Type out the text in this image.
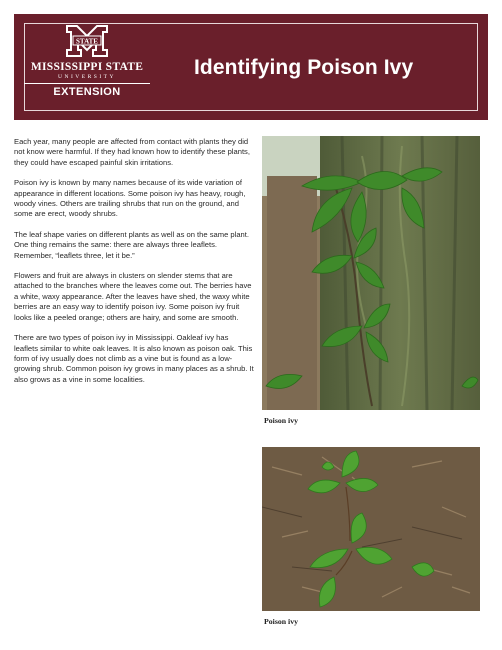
STATE
MISSISSIPPI STATE
UNIVERSITY
EXTENSION
Identifying Poison Ivy

Each year, many people are affected from contact with plants they did not know were harmful. If they had known how to identify these plants, they could have escaped painful skin irritations.

Poison ivy is known by many names because of its wide variation of appearance in different locations. Some poison ivy has heavy, rough, woody vines. Others are trailing shrubs that run on the ground, and some are erect, woody shrubs.

The leaf shape varies on different plants as well as on the same plant. One thing remains the same: there are always three leaflets. Remember, “leaflets three, let it be.”

Flowers and fruit are always in clusters on slender stems that are attached to the branches where the leaves come out. The berries have a white, waxy appearance. After the leaves have shed, the waxy white berries are an easy way to identify poison ivy. Some poison ivy fruit looks like a peeled orange; others are hairy, and some are smooth.

There are two types of poison ivy in Mississippi. Oakleaf ivy has leaflets similar to white oak leaves. It is also known as poison oak. This form of ivy usually does not climb as a vine but is found as a low-growing shrub. Common poison ivy grows in many places as a shrub. It also grows as a vine in some localities.

Poison ivy
Poison ivy
